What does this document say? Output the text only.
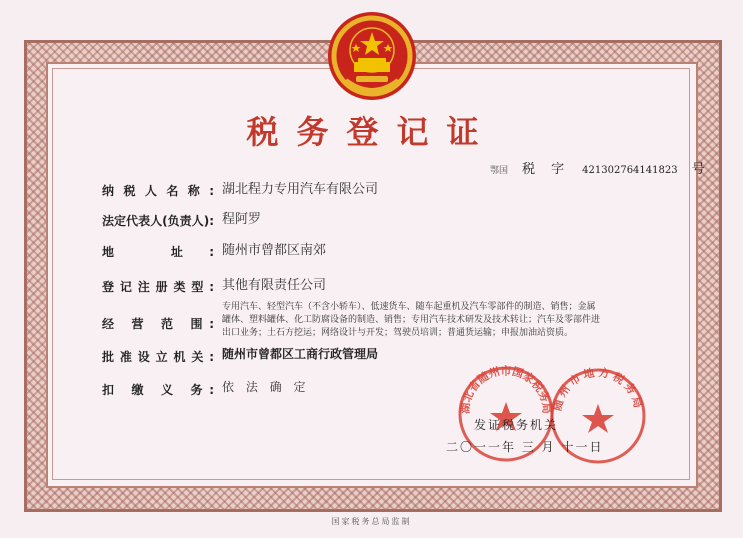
税务登记证
鄂国 税 字 421302764141823 号
纳税人名称: 湖北程力专用汽车有限公司
法定代表人(负责人): 程阿罗
地 址: 随州市曾都区南郊
登记注册类型: 其他有限责任公司
经 营 范 围:
专用汽车、轻型汽车（不含小轿车）、低速货车、随车起重机及汽车零部件的制造、销售；金属罐体、塑料罐体、化工防腐设备的制造、销售；专用汽车技术研发及技术转让；汽车及零部件进出口业务；土石方挖运；网络设计与开发；驾驶员培训；普通货运输；申报加油站资质。
批准设立机关: 随州市曾都区工商行政管理局
扣 缴 义 务: 依 法 确 定
湖北省随州市国家税务局
随州市地方税务局
发证税务机关
二〇一一年 三 月 十一日
国家税务总局监制
